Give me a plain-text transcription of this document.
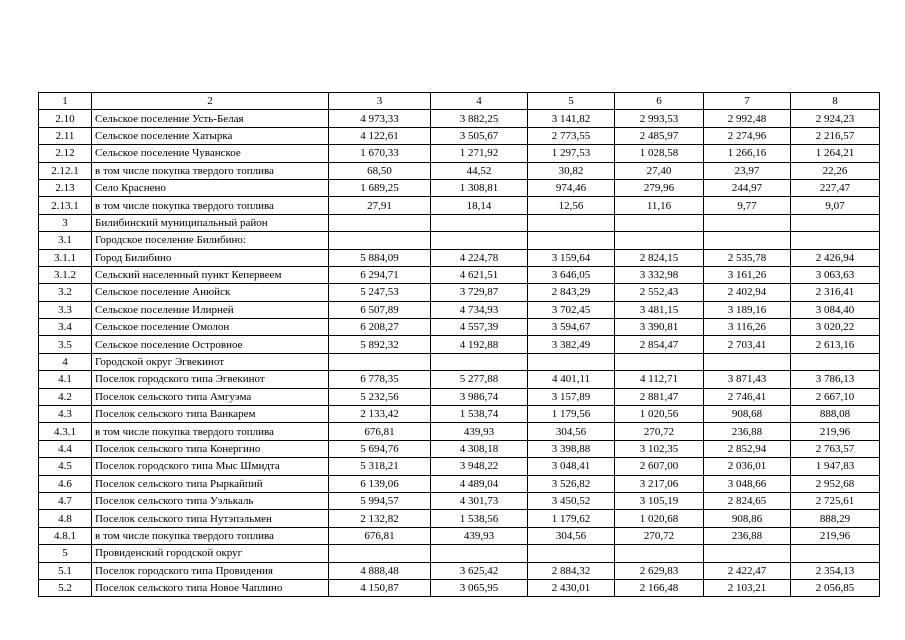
1	2	3	4	5	6	7	8
2.10	Сельское поселение Усть-Белая	4 973,33	3 882,25	3 141,82	2 993,53	2 992,48	2 924,23
2.11	Сельское поселение Хатырка	4 122,61	3 505,67	2 773,55	2 485,97	2 274,96	2 216,57
2.12	Сельское поселение Чуванское	1 670,33	1 271,92	1 297,53	1 028,58	1 266,16	1 264,21
2.12.1	в том числе покупка твердого топлива	68,50	44,52	30,82	27,40	23,97	22,26
2.13	Село Краснено	1 689,25	1 308,81	974,46	279,96	244,97	227,47
2.13.1	в том числе покупка твердого топлива	27,91	18,14	12,56	11,16	9,77	9,07
3	Билибинский муниципальный район						
3.1	Городское поселение Билибино:						
3.1.1	Город Билибино	5 884,09	4 224,78	3 159,64	2 824,15	2 535,78	2 426,94
3.1.2	Сельский населенный пункт Кепервеем	6 294,71	4 621,51	3 646,05	3 332,98	3 161,26	3 063,63
3.2	Сельское поселение Анюйск	5 247,53	3 729,87	2 843,29	2 552,43	2 402,94	2 316,41
3.3	Сельское поселение Илирней	6 507,89	4 734,93	3 702,45	3 481,15	3 189,16	3 084,40
3.4	Сельское поселение Омолон	6 208,27	4 557,39	3 594,67	3 390,81	3 116,26	3 020,22
3.5	Сельское поселение Островное	5 892,32	4 192,88	3 382,49	2 854,47	2 703,41	2 613,16
4	Городской округ Эгвекинот						
4.1	Поселок городского типа Эгвекинот	6 778,35	5 277,88	4 401,11	4 112,71	3 871,43	3 786,13
4.2	Поселок сельского типа Амгуэма	5 232,56	3 986,74	3 157,89	2 881,47	2 746,41	2 667,10
4.3	Поселок сельского типа Ванкарем	2 133,42	1 538,74	1 179,56	1 020,56	908,68	888,08
4.3.1	в том числе покупка твердого топлива	676,81	439,93	304,56	270,72	236,88	219,96
4.4	Поселок сельского типа Конергино	5 694,76	4 308,18	3 398,88	3 102,35	2 852,94	2 763,57
4.5	Поселок городского типа Мыс Шмидта	5 318,21	3 948,22	3 048,41	2 607,00	2 036,01	1 947,83
4.6	Поселок сельского типа Рыркайпий	6 139,06	4 489,04	3 526,82	3 217,06	3 048,66	2 952,68
4.7	Поселок сельского типа Уэлькаль	5 994,57	4 301,73	3 450,52	3 105,19	2 824,65	2 725,61
4.8	Поселок сельского типа Нутэпэльмен	2 132,82	1 538,56	1 179,62	1 020,68	908,86	888,29
4.8.1	в том числе покупка твердого топлива	676,81	439,93	304,56	270,72	236,88	219,96
5	Провиденский городской округ						
5.1	Поселок городского типа Провидения	4 888,48	3 625,42	2 884,32	2 629,83	2 422,47	2 354,13
5.2	Поселок сельского типа Новое Чаплино	4 150,87	3 065,95	2 430,01	2 166,48	2 103,21	2 056,85
